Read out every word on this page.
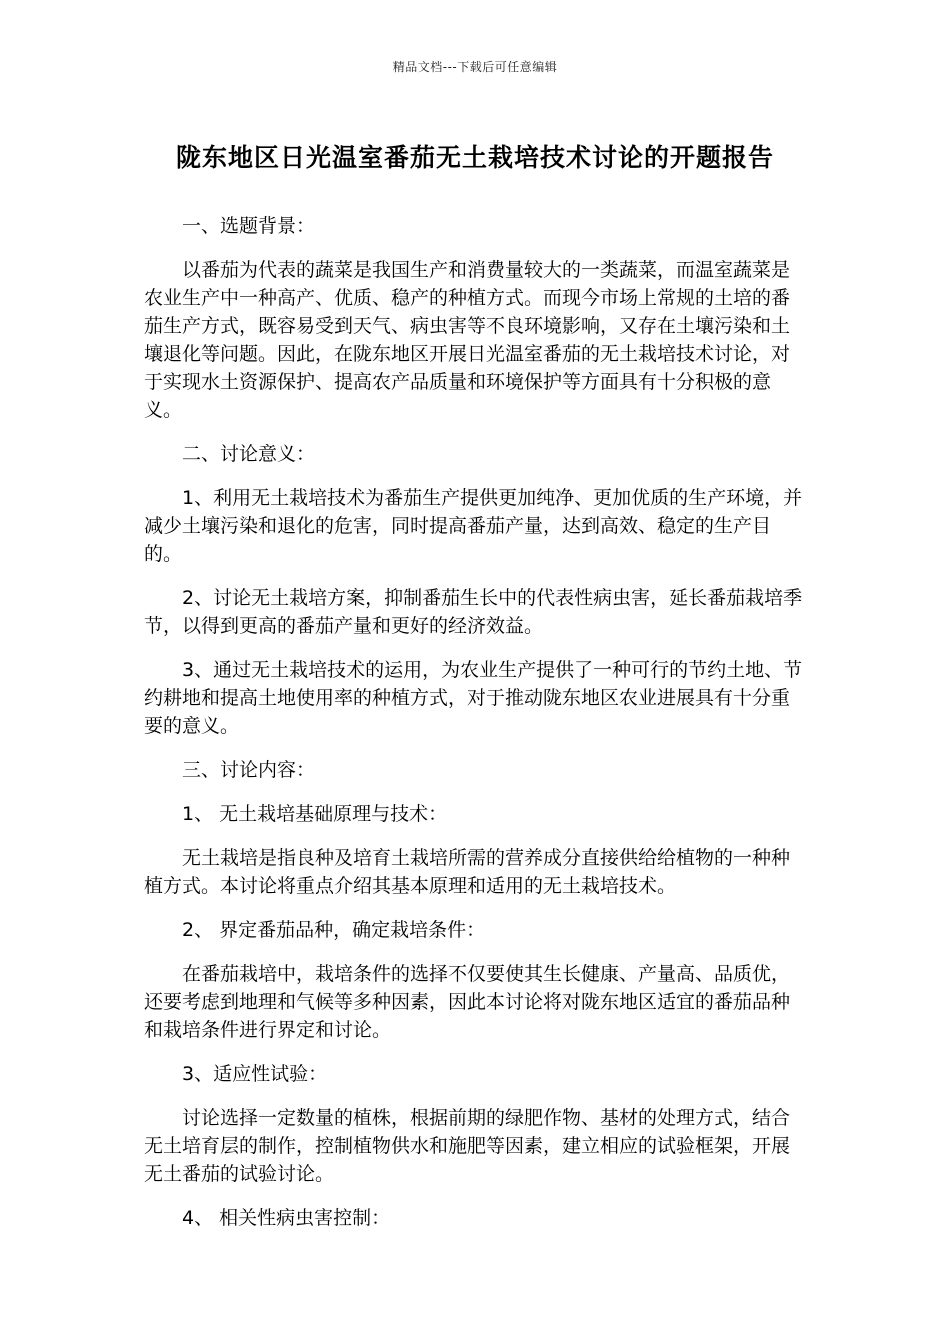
精品文档---下载后可任意编辑
陇东地区日光温室番茄无土栽培技术讨论的开题报告

一、选题背景：

以番茄为代表的蔬菜是我国生产和消费量较大的一类蔬菜，而温室蔬菜是农业生产中一种高产、优质、稳产的种植方式。而现今市场上常规的土培的番茄生产方式，既容易受到天气、病虫害等不良环境影响，又存在土壤污染和土壤退化等问题。因此，在陇东地区开展日光温室番茄的无土栽培技术讨论，对于实现水土资源保护、提高农产品质量和环境保护等方面具有十分积极的意义。

二、讨论意义：

1、利用无土栽培技术为番茄生产提供更加纯净、更加优质的生产环境，并减少土壤污染和退化的危害，同时提高番茄产量，达到高效、稳定的生产目的。

2、讨论无土栽培方案，抑制番茄生长中的代表性病虫害，延长番茄栽培季节，以得到更高的番茄产量和更好的经济效益。

3、通过无土栽培技术的运用，为农业生产提供了一种可行的节约土地、节约耕地和提高土地使用率的种植方式，对于推动陇东地区农业进展具有十分重要的意义。

三、讨论内容：

1、 无土栽培基础原理与技术：

无土栽培是指良种及培育土栽培所需的营养成分直接供给给植物的一种种植方式。本讨论将重点介绍其基本原理和适用的无土栽培技术。

2、 界定番茄品种，确定栽培条件：

在番茄栽培中，栽培条件的选择不仅要使其生长健康、产量高、品质优，还要考虑到地理和气候等多种因素，因此本讨论将对陇东地区适宜的番茄品种和栽培条件进行界定和讨论。

3、适应性试验：

讨论选择一定数量的植株，根据前期的绿肥作物、基材的处理方式，结合无土培育层的制作，控制植物供水和施肥等因素，建立相应的试验框架，开展无土番茄的试验讨论。

4、 相关性病虫害控制：
